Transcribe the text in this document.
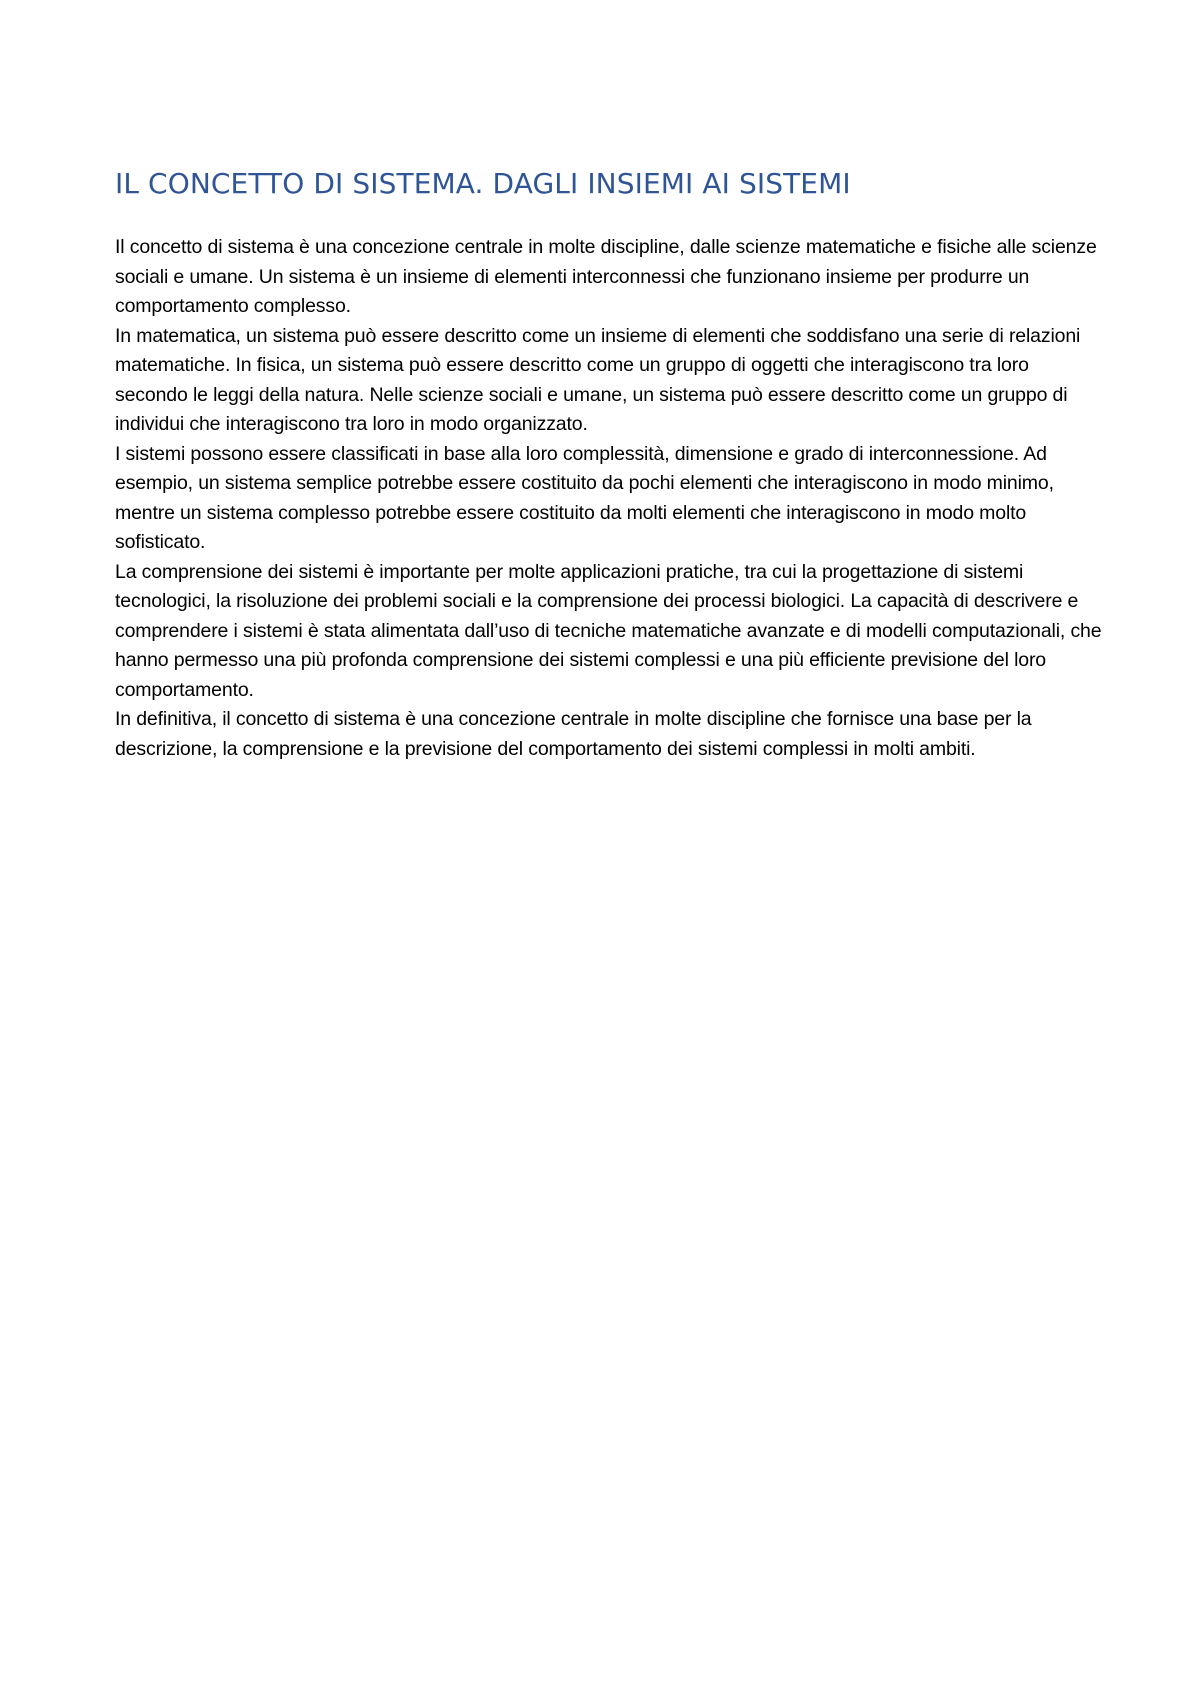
IL CONCETTO DI SISTEMA. DAGLI INSIEMI AI SISTEMI

Il concetto di sistema è una concezione centrale in molte discipline, dalle scienze matematiche e fisiche alle scienze sociali e umane. Un sistema è un insieme di elementi interconnessi che funzionano insieme per produrre un comportamento complesso.

In matematica, un sistema può essere descritto come un insieme di elementi che soddisfano una serie di relazioni matematiche. In fisica, un sistema può essere descritto come un gruppo di oggetti che interagiscono tra loro secondo le leggi della natura. Nelle scienze sociali e umane, un sistema può essere descritto come un gruppo di individui che interagiscono tra loro in modo organizzato.

I sistemi possono essere classificati in base alla loro complessità, dimensione e grado di interconnessione. Ad esempio, un sistema semplice potrebbe essere costituito da pochi elementi che interagiscono in modo minimo, mentre un sistema complesso potrebbe essere costituito da molti elementi che interagiscono in modo molto sofisticato.

La comprensione dei sistemi è importante per molte applicazioni pratiche, tra cui la progettazione di sistemi tecnologici, la risoluzione dei problemi sociali e la comprensione dei processi biologici. La capacità di descrivere e comprendere i sistemi è stata alimentata dall’uso di tecniche matematiche avanzate e di modelli computazionali, che hanno permesso una più profonda comprensione dei sistemi complessi e una più efficiente previsione del loro comportamento.

In definitiva, il concetto di sistema è una concezione centrale in molte discipline che fornisce una base per la descrizione, la comprensione e la previsione del comportamento dei sistemi complessi in molti ambiti.
